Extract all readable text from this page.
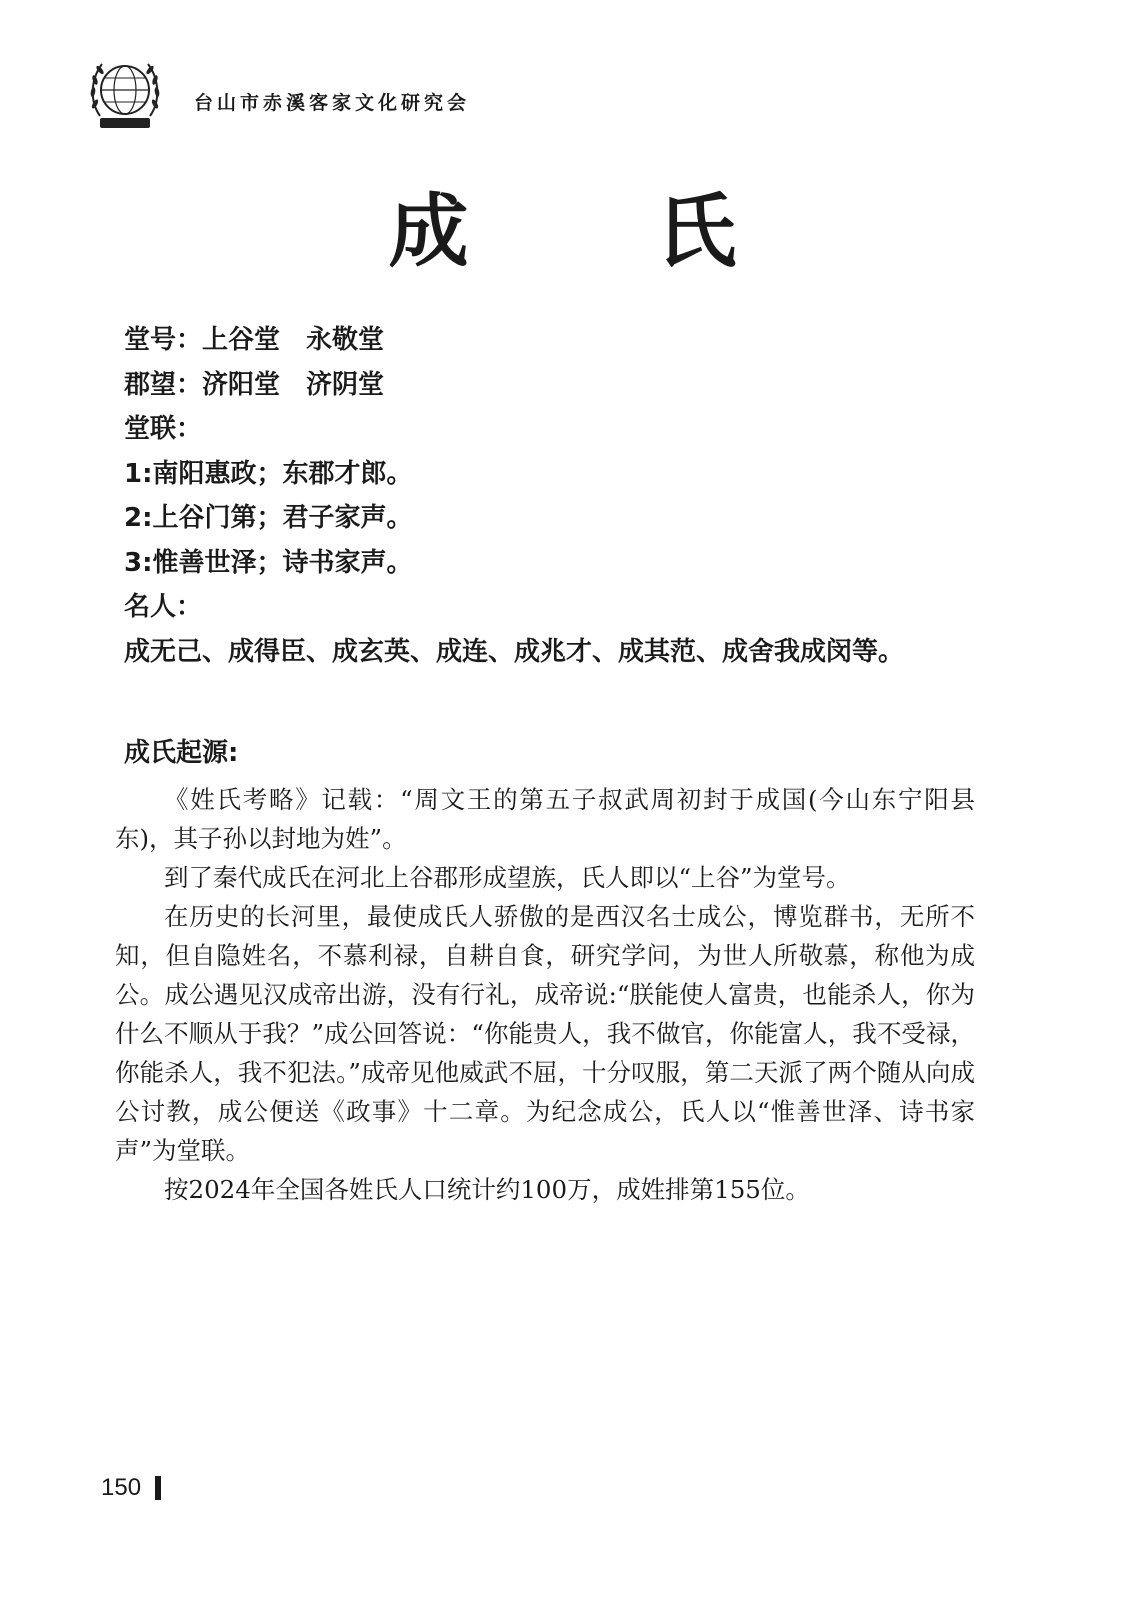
台山市赤溪客家文化研究会
成 氏
堂号：上谷堂 永敬堂
郡望：济阳堂 济阴堂
堂联：
1:南阳惠政；东郡才郎。
2:上谷门第；君子家声。
3:惟善世泽；诗书家声。
名人：
成无己、成得臣、成玄英、成连、成兆才、成其范、成舍我成闵等。
成氏起源:

《姓氏考略》记载：“周文王的第五子叔武周初封于成国(今山东宁阳县东)，其子孙以封地为姓”。

到了秦代成氏在河北上谷郡形成望族，氏人即以“上谷”为堂号。

在历史的长河里，最使成氏人骄傲的是西汉名士成公，博览群书，无所不知，但自隐姓名，不慕利禄，自耕自食，研究学问，为世人所敬慕，称他为成公。成公遇见汉成帝出游，没有行礼，成帝说:“朕能使人富贵，也能杀人，你为什么不顺从于我？”成公回答说：“你能贵人，我不做官，你能富人，我不受禄，你能杀人，我不犯法。”成帝见他威武不屈，十分叹服，第二天派了两个随从向成公讨教，成公便送《政事》十二章。为纪念成公，氏人以“惟善世泽、诗书家声”为堂联。

按2024年全国各姓氏人口统计约100万，成姓排第155位。

150
